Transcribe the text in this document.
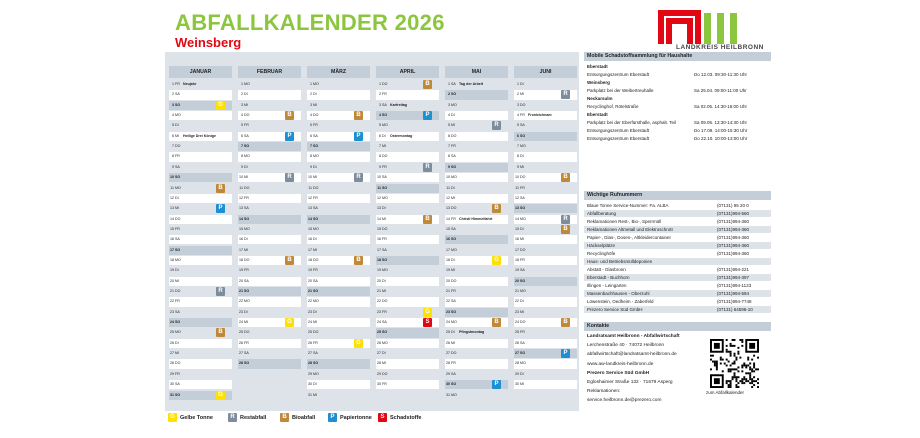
ABFALLKALENDER 2026
Weinsberg	LANDKREIS HEILBRONN
JANUAR
1FR Neujahr
2SA
3SO	G
4MO
5DI
6MI Heilige Drei Könige
7DO
8FR
9SA
10SO
11MO	B
12DI
13MI	P
14DO
15FR
16SA
17SO
18MO
19DI
20MI
21DO	R
22FR
23SA
24SO
25MO	B
26DI
27MI
28DO
29FR
30SA
31SO	G
FEBRUAR
1MO
2DI
3MI
4DO	B
5FR
6SA	P
7SO
8MO
9DI
10MI	R
11DO
12FR
13SA
14SO
15MO
16DI
17MI
18DO	B
19FR
20SA
21SO
22MO
23DI
24MI	G
25DO
26FR
27SA
28SO
MÄRZ
1MO
2DI
3MI
4DO	B
5FR
6SA	P
7SO
8MO
9DI
10MI	R
11DO
12FR
13SA
14SO
15MO
16DI
17MI
18DO	B
19FR
20SA
21SO
22MO
23DI
24MI
25DO
26FR	G
27SA
28SO
29MO
30DI
31MI
APRIL
1DO	B
2FR
3SA Karfreitag
4SO	P
5MO
6DI Ostermontag
7MI
8DO
9FR	R
10SA
11SO
12MO
13DI
14MI	B
15DO
16FR
17SA
18SO
19MO
20DI
21MI
22DO
23FR	G
24SA	S
25SO
26MO
27DI
28MI
29DO
30FR
MAI
1SA Tag der Arbeit
2SO
3MO
4DI
5MI	R
6DO
7FR
8SA
9SO
10MO
11DI
12MI
13DO	B
14FR Christi Himmelfahrt
15SA
16SO
17MO
18DI	G
19MI
20DO
21FR
22SA
23SO
24MO	B
25DI Pfingstmontag
26MI
27DO
28FR
29SA
30SO	P
31MO
JUNI
1DI
2MI	R
3DO
4FR Fronleichnam
5SA
6SO
7MO
8DI
9MI
10DO	B
11FR
12SA
13SO
14MO	R
15DI	B
16MI
17DO
18FR
19SA
20SO
21MO
22DI
23MI
24DO	B
25FR
26SA
27SO	P
28MO
29DI
30MI
G Gelbe Tonne	R Restabfall	B Bioabfall	P	Papiertonne	S	Schadstoffe
Mobile Schadstoffsammlung für Haushalte
Eberstadt
Entsorgungszentrum Eberstadt	Do 12.03. 09:30-11:30 Uhr
Weinsberg
Parkplatz bei der Weibertreuhalle	Sa 25.04. 09:00-11:00 Uhr
Neckarsulm
Recyclinghof, Rötelstraße	Sa 02.05. 14:30-16:00 Uhr
Eberstadt
Parkplatz bei der Eberfürsthalle, asphalt. Teil	Sa 09.05. 13:30-14:30 Uhr
Entsorgungszentrum Eberstadt	Do 17.09. 14:00-15:30 Uhr
Entsorgungszentrum Eberstadt	Do 22.10. 10:00-13:00 Uhr
Wichtige Rufnummern
Blaue Tonne Service-Nummer: Fa. ALBA	(07131) 95 20 0
Abfallberatung	(07131)994-560
Reklamationen Rest-, Bio-, Sperrmüll	(07131)994-360
Reklamationen Altmetall und Elektroschrott	(07131)994-360
Papier-, Glas-, Dosen-, Altkleidercontainer	(07131)994-360
Häckselplätze	(07131)994-360
Recyclinghöfe	(07131)994-360
Haus- und Betriebsmülldeponien
Abstatt - Glasbronn	(07131)994-221
Eberstadt - Buchhorn	(07131)994-397
Illingen - Leingarten	(07131)994-1123
Massenbachhausen - Oberzuhl	(07131)994-594
Löwenstein, Oedheim - Zaberfeld	(07131)994-7748
Prezero Service Süd GmbH	(07131) 64596-10
Kontakte
Landratsamt Heilbronn - Abfallwirtschaft
Lerchenstraße 40 · 74072 Heilbronn
abfallwirtschaft@landratsamt-heilbronn.de
www.aw-landkreis-heilbronn.de
Prezero Service Süd GmbH
Egloshaimer Straße 132 · 71679 Asperg
Reklamationen:
service.heilbronn.de@prezero.com
zum Abfallkalender
